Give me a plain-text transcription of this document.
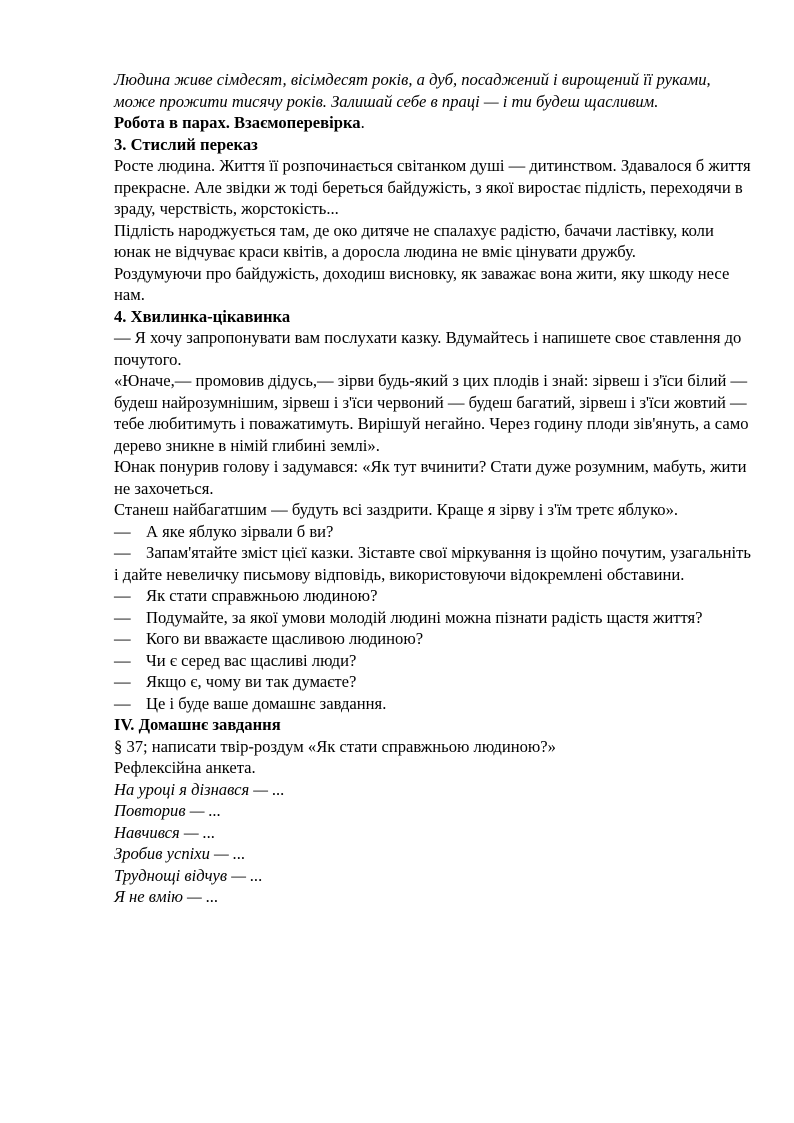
Людина живе сімдесят, вісімдесят років, а дуб, посаджений і вирощений її руками, може прожити тисячу років. Залишай себе в праці — і ти будеш щасливим.

Робота в парах. Взаємоперевірка.

3. Стислий переказ

Росте людина. Життя її розпочинається світанком душі — дитинством. Здавалося б життя прекрасне. Але звідки ж тоді береться байдужість, з якої виростає підлість, переходячи в зраду, черствість, жорстокість...

Підлість народжується там, де око дитяче не спалахує радістю, бачачи ластівку, коли юнак не відчуває краси квітів, а доросла людина не вміє цінувати дружбу.

Роздумуючи про байдужість, доходиш висновку, як заважає вона жити, яку шкоду несе нам.

4. Хвилинка-цікавинка

— Я хочу запропонувати вам послухати казку. Вдумайтесь і напишете своє ставлення до почутого.

«Юначе,— промовив дідусь,— зірви будь-який з цих плодів і знай: зірвеш і з'їси білий — будеш найрозумнішим, зірвеш і з'їси червоний — будеш багатий, зірвеш і з'їси жовтий — тебе любитимуть і поважатимуть. Вирішуй негайно. Через годину плоди зів'януть, а само дерево зникне в німій глибині землі».

Юнак понурив голову і задумався: «Як тут вчинити? Стати дуже розумним, мабуть, жити не захочеться.

Станеш найбагатшим — будуть всі заздрити. Краще я зірву і з'їм третє яблуко».

— А яке яблуко зірвали б ви?

— Запам'ятайте зміст цієї казки. Зіставте свої міркування із щойно почутим, узагальніть і дайте невеличку письмову відповідь, використовуючи відокремлені обставини.

— Як стати справжньою людиною?

— Подумайте, за якої умови молодій людині можна пізнати радість щастя життя?

— Кого ви вважаєте щасливою людиною?

— Чи є серед вас щасливі люди?

— Якщо є, чому ви так думаєте?

— Це і буде ваше домашнє завдання.

IV. Домашнє завдання

§ 37; написати твір-роздум «Як стати справжньою людиною?»

Рефлексійна анкета.

На уроці я дізнався — ...

Повторив — ...

Навчився — ...

Зробив успіхи — ...

Труднощі відчув — ...

Я не вмію — ...
